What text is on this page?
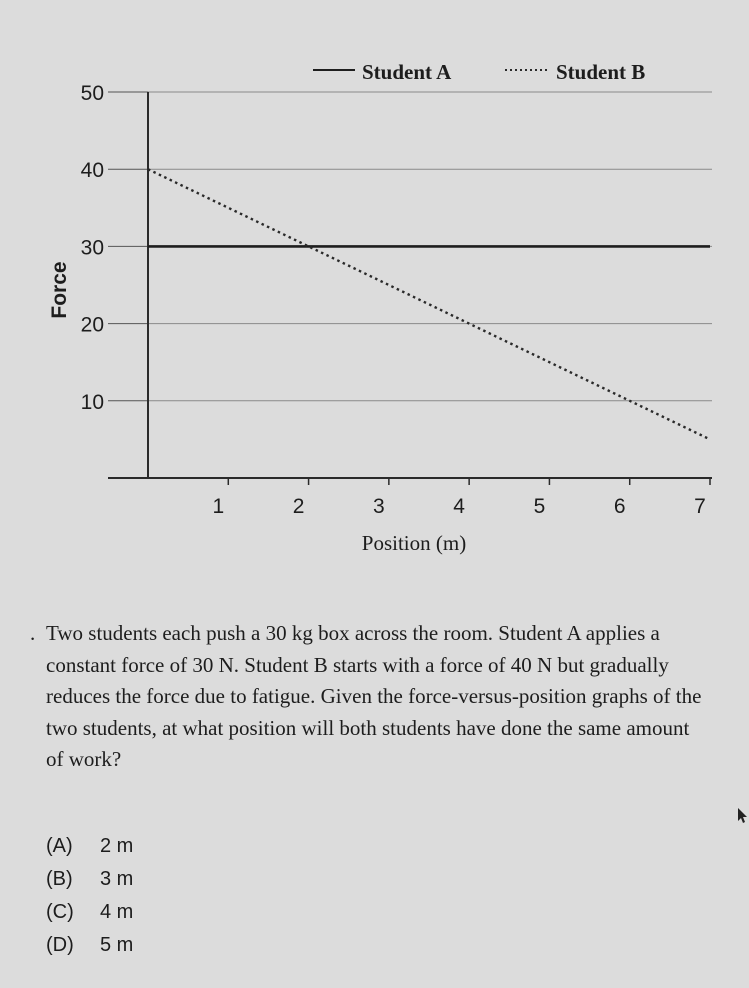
10
20
30
40
50
1	2	3	4	5	6	7
Force
Position (m)
Student A	Student B
. Two students each push a 30 kg box across the room. Student A applies a constant force of 30 N. Student B starts with a force of 40 N but gradually reduces the force due to fatigue. Given the force-versus-position graphs of the two students, at what position will both students have done the same amount of work?

(A)	2 m
(B)	3 m
(C)	4 m
(D)	5 m
